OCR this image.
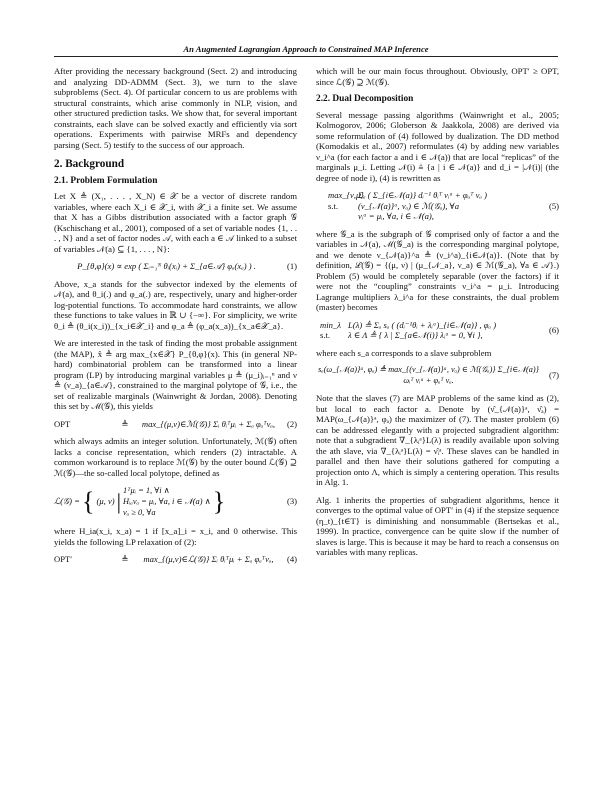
An Augmented Lagrangian Approach to Constrained MAP Inference

After providing the necessary background (Sect. 2) and introducing and analyzing DD-ADMM (Sect. 3), we turn to the slave subproblems (Sect. 4). Of particular concern to us are problems with structural constraints, which arise commonly in NLP, vision, and other structured prediction tasks. We show that, for several important constraints, each slave can be solved exactly and efficiently via sort operations. Experiments with pairwise MRFs and dependency parsing (Sect. 5) testify to the success of our approach.

2. Background
2.1. Problem Formulation

Let X ≜ (X₁, . . . , X_N) ∈ 𝒳 be a vector of discrete random variables, where each X_i ∈ 𝒳_i, with 𝒳_i a finite set. We assume that X has a Gibbs distribution associated with a factor graph 𝒢 (Kschischang et al., 2001), composed of a set of variable nodes {1, . . . , N} and a set of factor nodes 𝒜, with each a ∈ 𝒜 linked to a subset of variables 𝒩(a) ⊆ {1, . . . , N}:

P_{θ,φ}(x) ∝ exp ( Σᵢ₌₁ᴺ θᵢ(xᵢ) + Σ_{a∈𝒜} φₐ(xₐ) ) .	(1)

Above, x_a stands for the subvector indexed by the elements of 𝒩(a), and θ_i(.) and φ_a(.) are, respectively, unary and higher-order log-potential functions. To accommodate hard constraints, we allow these functions to take values in ℝ ∪ {−∞}. For simplicity, we write θ_i ≜ (θ_i(x_i))_{x_i∈𝒳_i} and φ_a ≜ (φ_a(x_a))_{x_a∈𝒳_a}.

We are interested in the task of finding the most probable assignment (the MAP), x̂ ≜ arg max_{x∈𝒳} P_{θ,φ}(x). This (in general NP-hard) combinatorial problem can be transformed into a linear program (LP) by introducing marginal variables μ ≜ (μ_i)ᵢ₌₁ⁿ and ν ≜ (ν_a)_{a∈𝒜}, constrained to the marginal polytope of 𝒢, i.e., the set of realizable marginals (Wainwright & Jordan, 2008). Denoting this set by ℳ(𝒢), this yields

OPT	≜	max_{(μ,ν)∈ℳ(𝒢)} Σᵢ θᵢᵀμᵢ + Σₐ φₐᵀνₐ,	(2)

which always admits an integer solution. Unfortunately, ℳ(𝒢) often lacks a concise representation, which renders (2) intractable. A common workaround is to replace ℳ(𝒢) by the outer bound ℒ(𝒢) ⊇ ℳ(𝒢)—the so-called local polytope, defined as

ℒ(𝒢) = { (μ, ν) | 1ᵀμᵢ = 1, ∀i ∧
Hᵢₐνₐ = μᵢ, ∀a, i ∈ 𝒩(a) ∧
νₐ ≥ 0, ∀a	}	(3)

where H_ia(x_i, x_a) = 1 if [x_a]_i = x_i, and 0 otherwise. This yields the following LP relaxation of (2):

OPT′	≜	max_{(μ,ν)∈ℒ(𝒢)} Σᵢ θᵢᵀμᵢ + Σₐ φₐᵀνₐ,	(4)

which will be our main focus throughout. Obviously, OPT′ ≥ OPT, since ℒ(𝒢) ⊇ ℳ(𝒢).

2.2. Dual Decomposition

Several message passing algorithms (Wainwright et al., 2005; Kolmogorov, 2006; Globerson & Jaakkola, 2008) are derived via some reformulation of (4) followed by dualization. The DD method (Komodakis et al., 2007) reformulates (4) by adding new variables ν_i^a (for each factor a and i ∈ 𝒩(a)) that are local “replicas” of the marginals μ_i. Letting 𝒩(i) ≜ {a | i ∈ 𝒩(a)} and d_i = |𝒩(i)| (the degree of node i), (4) is rewritten as

max_{ν,μ}
Σₐ ( Σ_{i∈𝒩(a)} dᵢ⁻¹ θᵢᵀ νᵢᵃ + φₐᵀ νₐ )
s.t.	(ν_{𝒩(a)}ᵃ, νₐ) ∈ ℳ(𝒢ₐ), ∀a
νᵢᵃ = μᵢ, ∀a, i ∈ 𝒩(a),
(5)

where 𝒢_a is the subgraph of 𝒢 comprised only of factor a and the variables in 𝒩(a), ℳ(𝒢_a) is the corresponding marginal polytope, and we denote ν_{𝒩(a)}^a ≜ (ν_i^a)_{i∈𝒩(a)}. (Note that by definition, ℒ(𝒢) = {(μ, ν) | (μ_{𝒩_a}, ν_a) ∈ ℳ(𝒢_a), ∀a ∈ 𝒜}.) Problem (5) would be completely separable (over the factors) if it were not the “coupling” constraints ν_i^a = μ_i. Introducing Lagrange multipliers λ_i^a for these constraints, the dual problem (master) becomes

min_λ L(λ) ≜ Σₐ sₐ ( (dᵢ⁻¹θᵢ + λᵢᵃ)_{i∈𝒩(a)} , φₐ )
s.t.	λ ∈ Λ ≜ { λ | Σ_{a∈𝒩(i)} λᵢᵃ = 0, ∀i },
(6)

where each s_a corresponds to a slave subproblem

sₐ(ω_{𝒩(a)}ᵃ, φₐ) ≜ max_{(ν_{𝒩(a)}ᵃ, νₐ) ∈ ℳ(𝒢ₐ)} Σ_{i∈𝒩(a)} ωᵢᵀ νᵢᵃ + φₐᵀ νₐ.	(7)

Note that the slaves (7) are MAP problems of the same kind as (2), but local to each factor a. Denote by (ν̂_{𝒩(a)}ᵃ, ν̂ₐ) = MAP(ω_{𝒩(a)}ᵃ, φₐ) the maximizer of (7). The master problem (6) can be addressed elegantly with a projected subgradient algorithm: note that a subgradient ∇_{λᵢᵃ}L(λ) is readily available upon solving the ath slave, via ∇_{λᵢᵃ}L(λ) = ν̂ᵢᵃ. These slaves can be handled in parallel and then have their solutions gathered for computing a projection onto Λ, which is simply a centering operation. This results in Alg. 1.

Alg. 1 inherits the properties of subgradient algorithms, hence it converges to the optimal value of OPT′ in (4) if the stepsize sequence (η_t)_{t∈T} is diminishing and nonsummable (Bertsekas et al., 1999). In practice, convergence can be quite slow if the number of slaves is large. This is because it may be hard to reach a consensus on variables with many replicas.
